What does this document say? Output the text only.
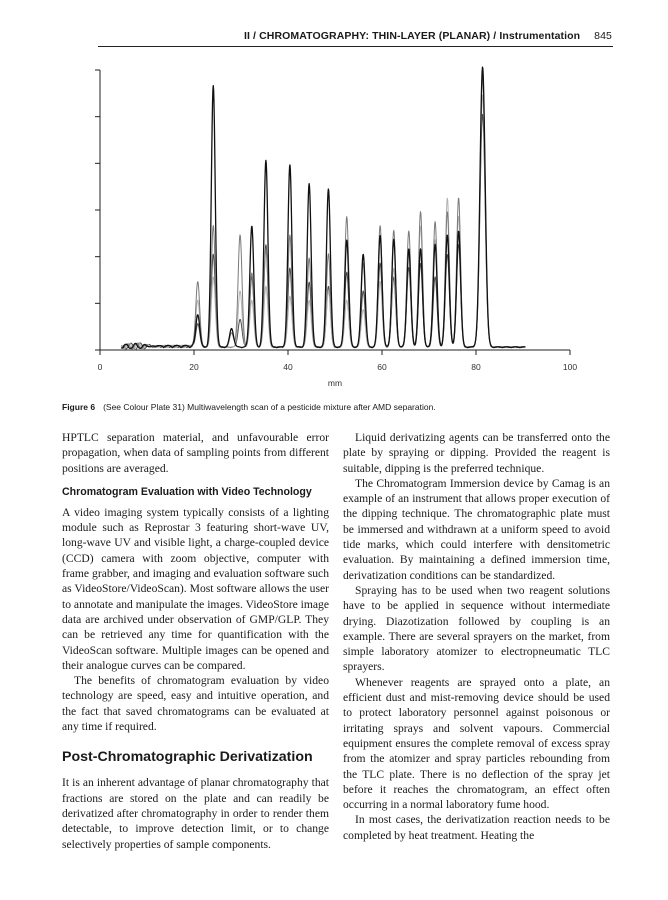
II / CHROMATOGRAPHY: THIN-LAYER (PLANAR) / Instrumentation 845
0	20	40	60	80	100
mm
Figure 6 (See Colour Plate 31) Multiwavelength scan of a pesticide mixture after AMD separation.

HPTLC separation material, and unfavourable error propagation, when data of sampling points from different positions are averaged.

Chromatogram Evaluation with Video Technology

A video imaging system typically consists of a lighting module such as Reprostar 3 featuring short-wave UV, long-wave UV and visible light, a charge-coupled device (CCD) camera with zoom objective, computer with frame grabber, and imaging and evaluation software such as VideoStore/VideoScan). Most software allows the user to annotate and manipulate the images. VideoStore image data are archived under observation of GMP/GLP. They can be retrieved any time for quantification with the VideoScan software. Multiple images can be opened and their analogue curves can be compared.

The benefits of chromatogram evaluation by video technology are speed, easy and intuitive operation, and the fact that saved chromatograms can be evaluated at any time if required.

Post-Chromatographic Derivatization

It is an inherent advantage of planar chromatography that fractions are stored on the plate and can readily be derivatized after chromatography in order to render them detectable, to improve detection limit, or to change selectively properties of sample components.

Liquid derivatizing agents can be transferred onto the plate by spraying or dipping. Provided the reagent is suitable, dipping is the preferred technique.

The Chromatogram Immersion device by Camag is an example of an instrument that allows proper execution of the dipping technique. The chromatographic plate must be immersed and withdrawn at a uniform speed to avoid tide marks, which could interfere with densitometric evaluation. By maintaining a defined immersion time, derivatization conditions can be standardized.

Spraying has to be used when two reagent solutions have to be applied in sequence without intermediate drying. Diazotization followed by coupling is an example. There are several sprayers on the market, from simple laboratory atomizer to electropneumatic TLC sprayers.

Whenever reagents are sprayed onto a plate, an efficient dust and mist-removing device should be used to protect laboratory personnel against poisonous or irritating sprays and solvent vapours. Commercial equipment ensures the complete removal of excess spray from the atomizer and spray particles rebounding from the TLC plate. There is no deflection of the spray jet before it reaches the chromatogram, an effect often occurring in a normal laboratory fume hood.

In most cases, the derivatization reaction needs to be completed by heat treatment. Heating the
